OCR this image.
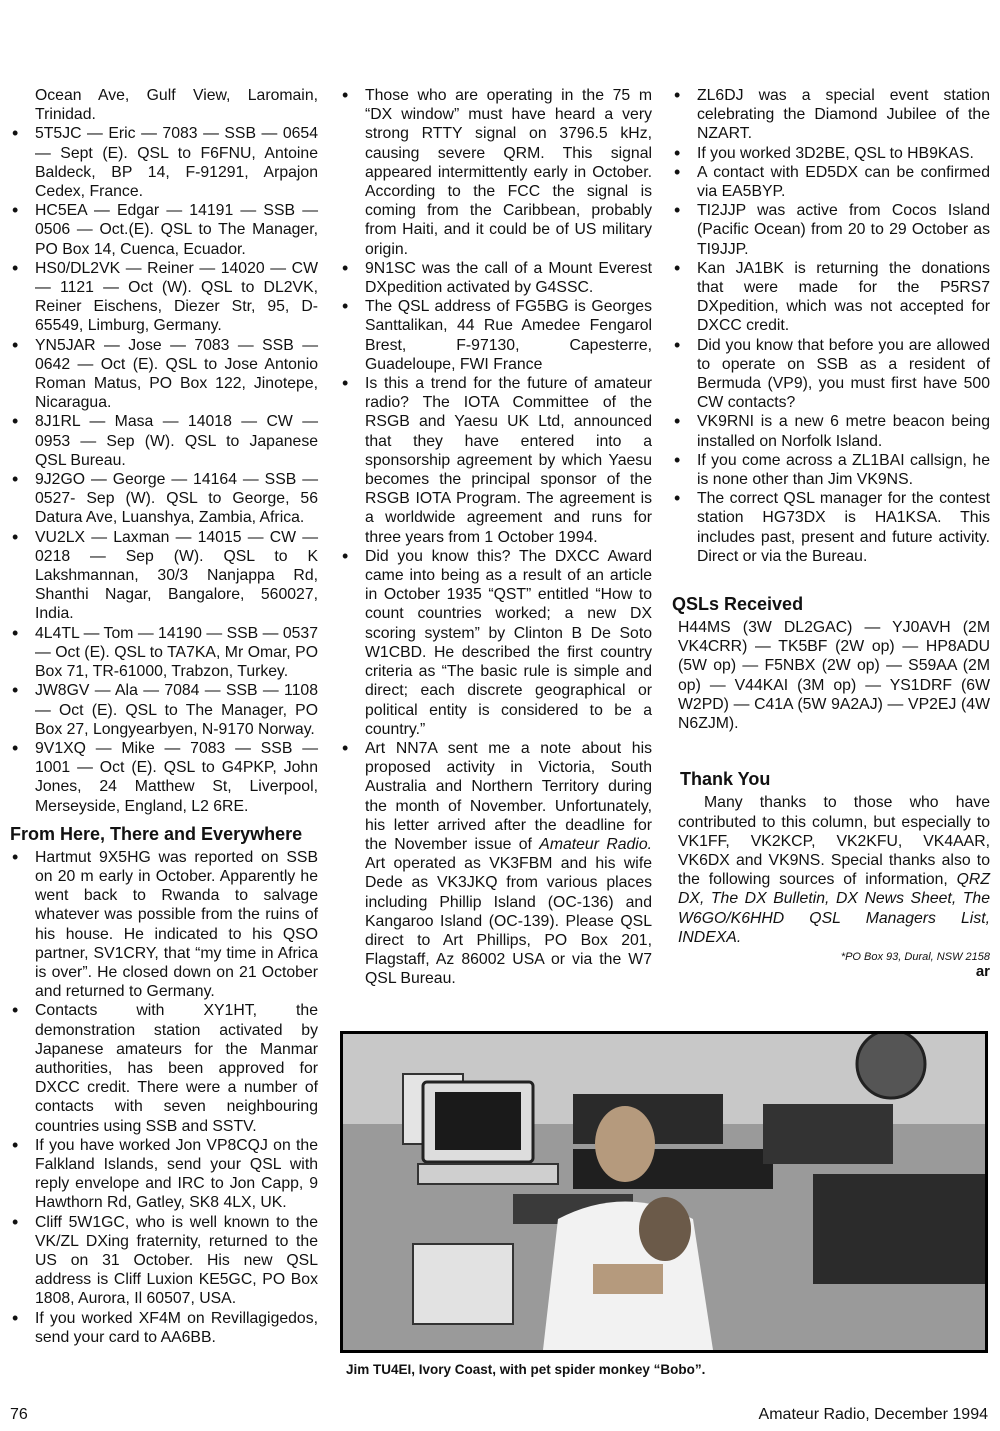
Ocean Ave, Gulf View, Laromain, Trinidad.
• 5T5JC — Eric — 7083 — SSB — 0654 — Sept (E). QSL to F6FNU, Antoine Baldeck, BP 14, F-91291, Arpajon Cedex, France.
• HC5EA — Edgar — 14191 — SSB — 0506 — Oct.(E). QSL to The Manager, PO Box 14, Cuenca, Ecuador.
• HS0/DL2VK — Reiner — 14020 — CW — 1121 — Oct (W). QSL to DL2VK, Reiner Eischens, Diezer Str, 95, D-65549, Limburg, Germany.
• YN5JAR — Jose — 7083 — SSB — 0642 — Oct (E). QSL to Jose Antonio Roman Matus, PO Box 122, Jinotepe, Nicaragua.
• 8J1RL — Masa — 14018 — CW — 0953 — Sep (W). QSL to Japanese QSL Bureau.
• 9J2GO — George — 14164 — SSB — 0527- Sep (W). QSL to George, 56 Datura Ave, Luanshya, Zambia, Africa.
• VU2LX — Laxman — 14015 — CW — 0218 — Sep (W). QSL to K Lakshmannan, 30/3 Nanjappa Rd, Shanthi Nagar, Bangalore, 560027, India.
• 4L4TL — Tom — 14190 — SSB — 0537 — Oct (E). QSL to TA7KA, Mr Omar, PO Box 71, TR-61000, Trabzon, Turkey.
• JW8GV — Ala — 7084 — SSB — 1108 — Oct (E). QSL to The Manager, PO Box 27, Longyearbyen, N-9170 Norway.
• 9V1XQ — Mike — 7083 — SSB — 1001 — Oct (E). QSL to G4PKP, John Jones, 24 Matthew St, Liverpool, Merseyside, England, L2 6RE.
From Here, There and Everywhere
• Hartmut 9X5HG was reported on SSB on 20 m early in October. Apparently he went back to Rwanda to salvage whatever was possible from the ruins of his house. He indicated to his QSO partner, SV1CRY, that “my time in Africa is over”. He closed down on 21 October and returned to Germany.
• Contacts with XY1HT, the demonstration station activated by Japanese amateurs for the Manmar authorities, has been approved for DXCC credit. There were a number of contacts with seven neighbouring countries using SSB and SSTV.
• If you have worked Jon VP8CQJ on the Falkland Islands, send your QSL with reply envelope and IRC to Jon Capp, 9 Hawthorn Rd, Gatley, SK8 4LX, UK.
• Cliff 5W1GC, who is well known to the VK/ZL DXing fraternity, returned to the US on 31 October. His new QSL address is Cliff Luxion KE5GC, PO Box 1808, Aurora, Il 60507, USA.
• If you worked XF4M on Revillagigedos, send your card to AA6BB.
• Those who are operating in the 75 m “DX window” must have heard a very strong RTTY signal on 3796.5 kHz, causing severe QRM. This signal appeared intermittently early in October. According to the FCC the signal is coming from the Caribbean, probably from Haiti, and it could be of US military origin.
• 9N1SC was the call of a Mount Everest DXpedition activated by G4SSC.
• The QSL address of FG5BG is Georges Santtalikan, 44 Rue Amedee Fengarol Brest, F-97130, Capesterre, Guadeloupe, FWI France
• Is this a trend for the future of amateur radio? The IOTA Committee of the RSGB and Yaesu UK Ltd, announced that they have entered into a sponsorship agreement by which Yaesu becomes the principal sponsor of the RSGB IOTA Program. The agreement is a worldwide agreement and runs for three years from 1 October 1994.
• Did you know this? The DXCC Award came into being as a result of an article in October 1935 “QST” entitled “How to count countries worked; a new DX scoring system” by Clinton B De Soto W1CBD. He described the first country criteria as “The basic rule is simple and direct; each discrete geographical or political entity is considered to be a country.”
• Art NN7A sent me a note about his proposed activity in Victoria, South Australia and Northern Territory during the month of November. Unfortunately, his letter arrived after the deadline for the November issue of Amateur Radio. Art operated as VK3FBM and his wife Dede as VK3JKQ from various places including Phillip Island (OC-136) and Kangaroo Island (OC-139). Please QSL direct to Art Phillips, PO Box 201, Flagstaff, Az 86002 USA or via the W7 QSL Bureau.
• ZL6DJ was a special event station celebrating the Diamond Jubilee of the NZART.
• If you worked 3D2BE, QSL to HB9KAS.
• A contact with ED5DX can be confirmed via EA5BYP.
• TI2JJP was active from Cocos Island (Pacific Ocean) from 20 to 29 October as TI9JJP.
• Kan JA1BK is returning the donations that were made for the P5RS7 DXpedition, which was not accepted for DXCC credit.
• Did you know that before you are allowed to operate on SSB as a resident of Bermuda (VP9), you must first have 500 CW contacts?
• VK9RNI is a new 6 metre beacon being installed on Norfolk Island.
• If you come across a ZL1BAI callsign, he is none other than Jim VK9NS.
• The correct QSL manager for the contest station HG73DX is HA1KSA. This includes past, present and future activity. Direct or via the Bureau.
QSLs Received
H44MS (3W DL2GAC) — YJ0AVH (2M VK4CRR) — TK5BF (2W op) — HP8ADU (5W op) — F5NBX (2W op) — S59AA (2M op) — V44KAI (3M op) — YS1DRF (6W W2PD) — C41A (5W 9A2AJ) — VP2EJ (4W N6ZJM).
Thank You
Many thanks to those who have contributed to this column, but especially to VK1FF, VK2KCP, VK2KFU, VK4AAR, VK6DX and VK9NS. Special thanks also to the following sources of information, QRZ DX, The DX Bulletin, DX News Sheet, The W6GO/K6HHD QSL Managers List, INDEXA.
*PO Box 93, Dural, NSW 2158
ar
Jim TU4EI, Ivory Coast, with pet spider monkey “Bobo”.
76	Amateur Radio, December 1994
